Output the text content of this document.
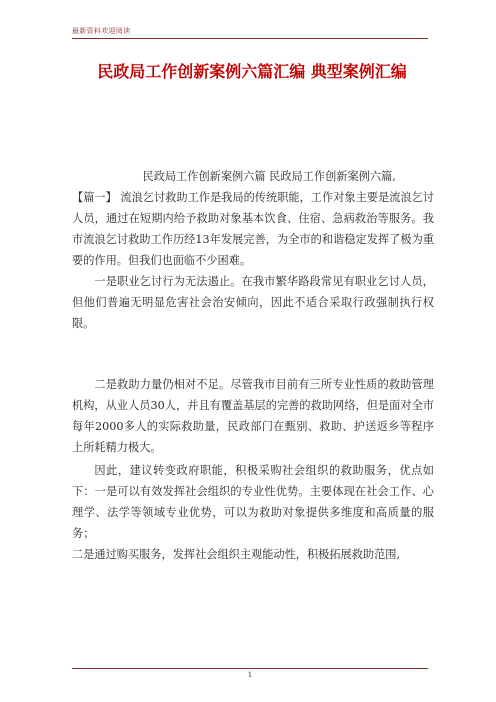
最新资料欢迎阅读
民政局工作创新案例六篇汇编 典型案例汇编

民政局工作创新案例六篇 民政局工作创新案例六篇,

【篇一】 流浪乞讨救助工作是我局的传统职能，工作对象主要是流浪乞讨人员，通过在短期内给予救助对象基本饮食、住宿、急病救治等服务。我市流浪乞讨救助工作历经13年发展完善，为全市的和谐稳定发挥了极为重要的作用。但我们也面临不少困难。

一是职业乞讨行为无法遏止。在我市繁华路段常见有职业乞讨人员，但他们普遍无明显危害社会治安倾向，因此不适合采取行政强制执行权限。

二是救助力量仍相对不足。尽管我市目前有三所专业性质的救助管理机构，从业人员30人，并且有覆盖基层的完善的救助网络，但是面对全市每年2000多人的实际救助量，民政部门在甄别、救助、护送返乡等程序上所耗精力极大。

因此，建议转变政府职能，积极采购社会组织的救助服务，优点如下：一是可以有效发挥社会组织的专业性优势。主要体现在社会工作、心理学、法学等领域专业优势，可以为救助对象提供多维度和高质量的服务；

二是通过购买服务，发挥社会组织主观能动性，积极拓展救助范围,

1
